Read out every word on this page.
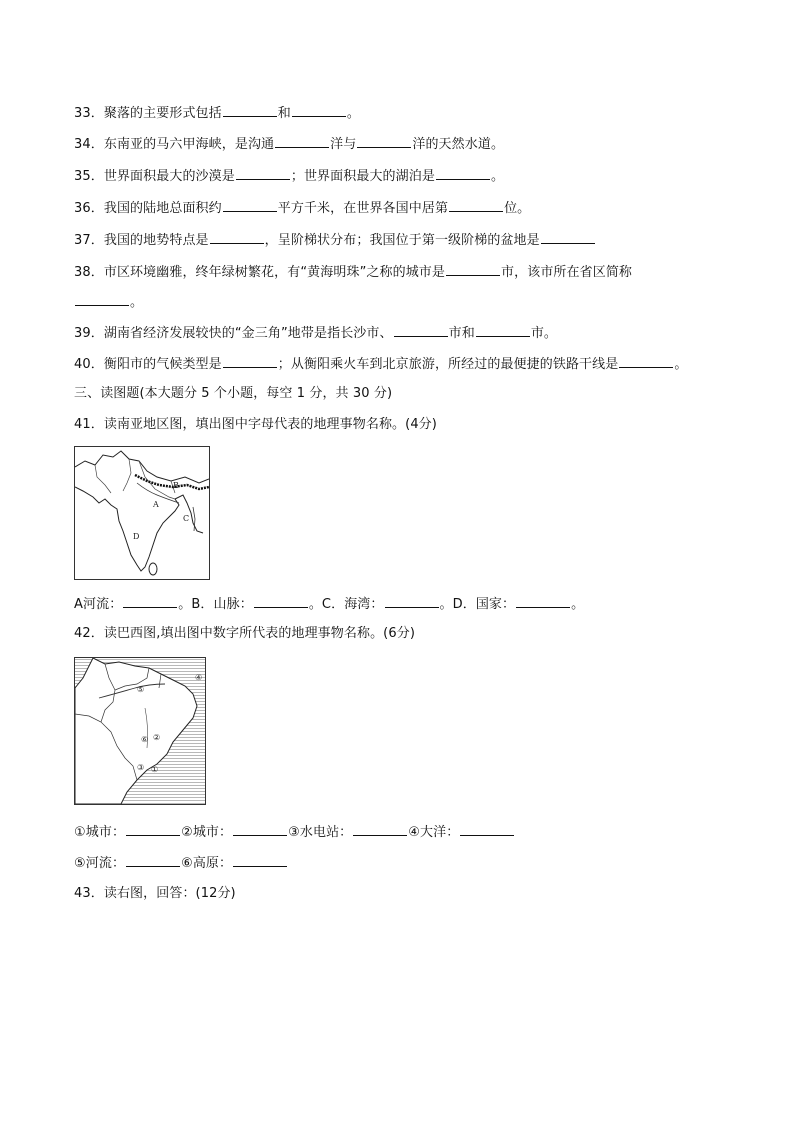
33．聚落的主要形式包括	和	。
34．东南亚的马六甲海峡，是沟通	洋与	洋的天然水道。
35．世界面积最大的沙漠是	；世界面积最大的湖泊是	。
36．我国的陆地总面积约	平方千米，在世界各国中居第	位。
37．我国的地势特点是	，呈阶梯状分布；我国位于第一级阶梯的盆地是
38．市区环境幽雅，终年绿树繁花，有“黄海明珠”之称的城市是	市，该市所在省区简称
。
39．湖南省经济发展较快的“金三角”地带是指长沙市、	市和	市。
40．衡阳市的气候类型是	；从衡阳乘火车到北京旅游，所经过的最便捷的铁路干线是	。
三、读图题(本大题分 5 个小题，每空 1 分，共 30 分)
41．读南亚地区图，填出图中字母代表的地理事物名称。(4分)
A
B
C
D
A河流：	。B．山脉：	。C．海湾：	。D．国家：	。
42．读巴西图,填出图中数字所代表的地理事物名称。(6分)
⑤
④
⑥ ②
③ ①
①城市：	②城市：	③水电站：	④大洋：
⑤河流：	⑥高原：
43．读右图，回答：(12分)
